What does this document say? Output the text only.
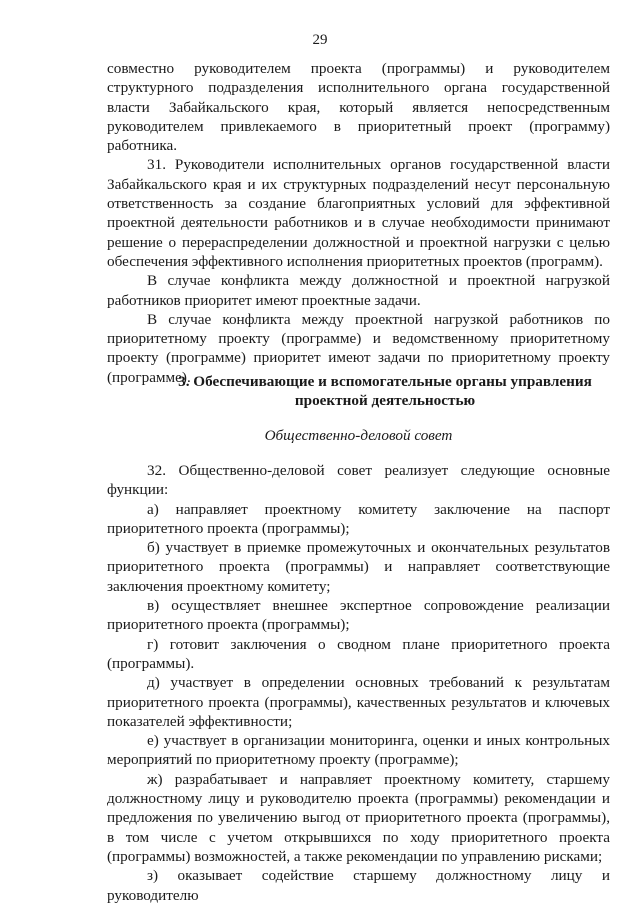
29

совместно руководителем проекта (программы) и руководителем структурного подразделения исполнительного органа государственной власти Забайкальского края, который является непосредственным руководителем привлекаемого в приоритетный проект (программу) работника.

31. Руководители исполнительных органов государственной власти Забайкальского края и их структурных подразделений несут персональную ответственность за создание благоприятных условий для эффективной проектной деятельности работников и в случае необходимости принимают решение о перераспределении должностной и проектной нагрузки с целью обеспечения эффективного исполнения приоритетных проектов (программ).

В случае конфликта между должностной и проектной нагрузкой работников приоритет имеют проектные задачи.

В случае конфликта между проектной нагрузкой работников по приоритетному проекту (программе) и ведомственному приоритетному проекту (программе) приоритет имеют задачи по приоритетному проекту (программе).

3. Обеспечивающие и вспомогательные органы управления проектной деятельностью

Общественно-деловой совет

32. Общественно-деловой совет реализует следующие основные функции:

а) направляет проектному комитету заключение на паспорт приоритетного проекта (программы);

б) участвует в приемке промежуточных и окончательных результатов приоритетного проекта (программы) и направляет соответствующие заключения проектному комитету;

в) осуществляет внешнее экспертное сопровождение реализации приоритетного проекта (программы);

г) готовит заключения о сводном плане приоритетного проекта (программы).

д) участвует в определении основных требований к результатам приоритетного проекта (программы), качественных результатов и ключевых показателей эффективности;

е) участвует в организации мониторинга, оценки и иных контрольных мероприятий по приоритетному проекту (программе);

ж) разрабатывает и направляет проектному комитету, старшему должностному лицу и руководителю проекта (программы) рекомендации и предложения по увеличению выгод от приоритетного проекта (программы), в том числе с учетом открывшихся по ходу приоритетного проекта (программы) возможностей, а также рекомендации по управлению рисками;

з) оказывает содействие старшему должностному лицу и руководителю
